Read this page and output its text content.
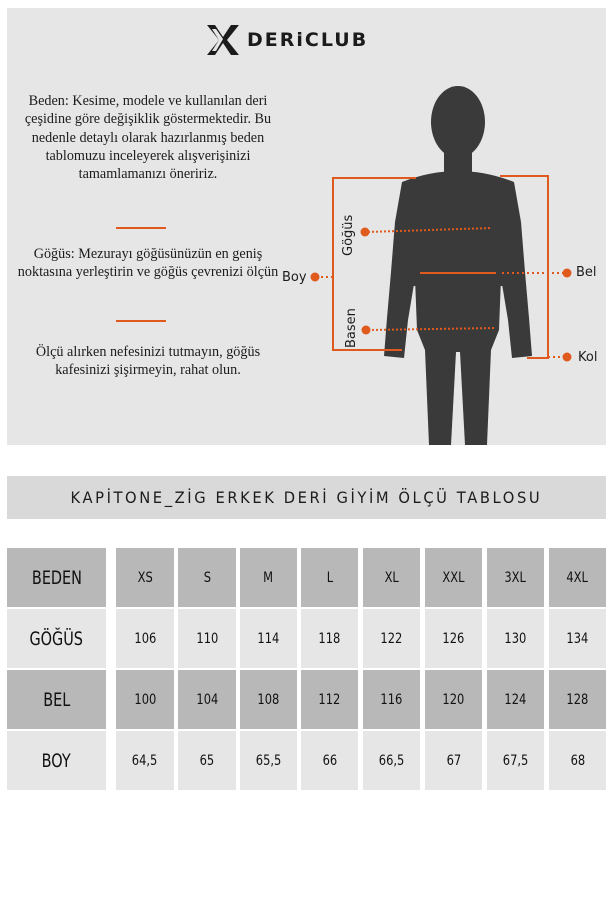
DERiCLUB

Beden: Kesime, modele ve kullanılan deri çeşidine göre değişiklik göstermektedir. Bu nedenle detaylı olarak hazırlanmış beden tablomuzu inceleyerek alışverişinizi tamamlamanızı öneririz.

Göğüs: Mezurayı göğüsünüzün en geniş noktasına yerleştirin ve göğüs çevrenizi ölçün

Ölçü alırken nefesinizi tutmayın, göğüs kafesinizi şişirmeyin, rahat olun.

Boy	Bel
Kol
Göğüs
Basen
KAPİTONE_ZİG ERKEK DERİ GİYİM ÖLÇÜ TABLOSU
BEDEN	XS	S	M	L	XL	XXL	3XL	4XL
GÖĞÜS	106	110	114	118	122	126	130	134
BEL	100	104	108	112	116	120	124	128
BOY	64,5	65	65,5	66	66,5	67	67,5	68
